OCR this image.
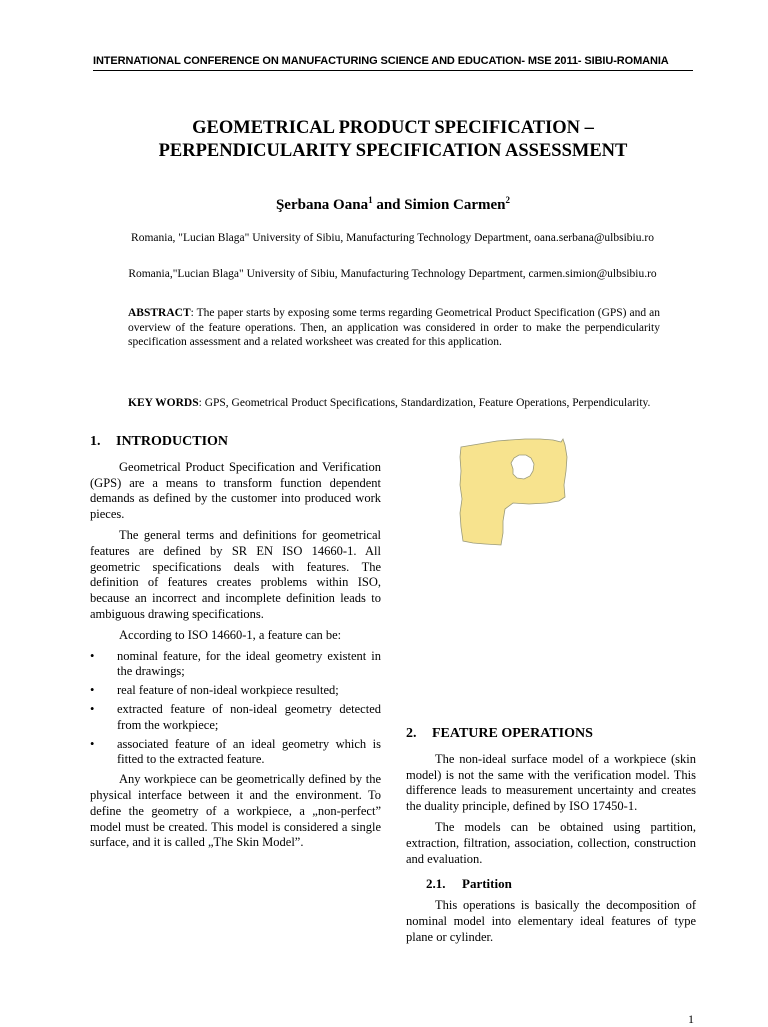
INTERNATIONAL CONFERENCE ON MANUFACTURING SCIENCE AND EDUCATION- MSE 2011- SIBIU-ROMANIA
GEOMETRICAL PRODUCT SPECIFICATION –
PERPENDICULARITY SPECIFICATION ASSESSMENT
Şerbana Oana$^1$ and Simion Carmen$^2$
Romania, "Lucian Blaga" University of Sibiu, Manufacturing Technology Department, oana.serbana@ulbsibiu.ro
Romania,"Lucian Blaga" University of Sibiu, Manufacturing Technology Department, carmen.simion@ulbsibiu.ro
ABSTRACT: The paper starts by exposing some terms regarding Geometrical Product Specification (GPS) and an overview of the feature operations. Then, an application was considered in order to make the perpendicularity specification assessment and a related worksheet was created for this application.
KEY WORDS: GPS, Geometrical Product Specifications, Standardization, Feature Operations, Perpendicularity.
1. INTRODUCTION

Geometrical Product Specification and Verification (GPS) are a means to transform function dependent demands as defined by the customer into produced work pieces.

The general terms and definitions for geometrical features are defined by SR EN ISO 14660-1. All geometric specifications deals with features. The definition of features creates problems within ISO, because an incorrect and incomplete definition leads to ambiguous drawing specifications.

According to ISO 14660-1, a feature can be:

• nominal feature, for the ideal geometry existent in the drawings;
• real feature of non-ideal workpiece resulted;
• extracted feature of non-ideal geometry detected from the workpiece;
• associated feature of an ideal geometry which is fitted to the extracted feature.

Any workpiece can be geometrically defined by the physical interface between it and the environment. To define the geometry of a workpiece, a „non-perfect” model must be created. This model is considered a single surface, and it is called „The Skin Model”.

2. FEATURE OPERATIONS

The non-ideal surface model of a workpiece (skin model) is not the same with the verification model. This difference leads to measurement uncertainty and creates the duality principle, defined by ISO 17450-1.

The models can be obtained using partition, extraction, filtration, association, collection, construction and evaluation.

2.1. Partition

This operations is basically the decomposition of nominal model into elementary ideal features of type plane or cylinder.

1
